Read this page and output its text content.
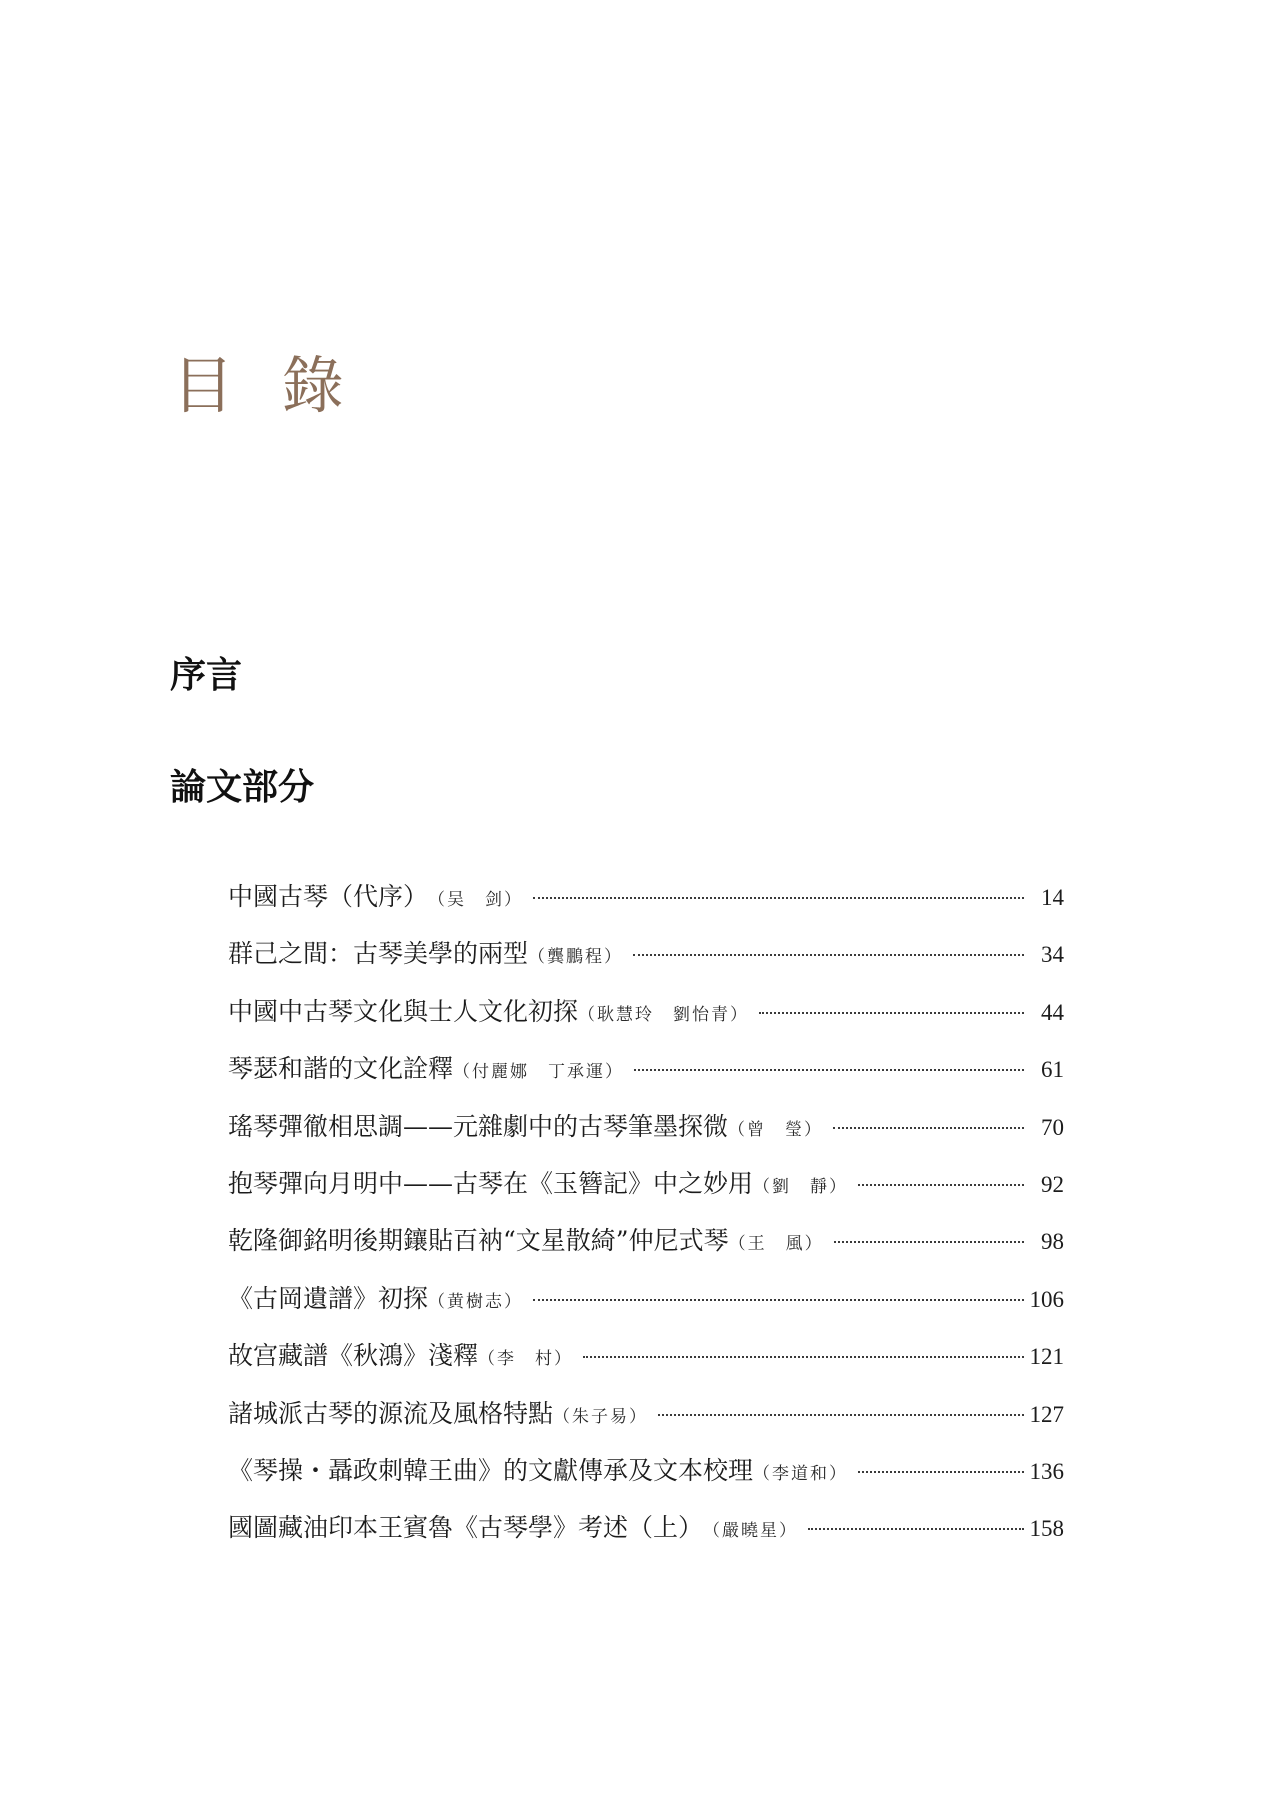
目 錄
序言
論文部分
中國古琴（代序） （吴　剑）	14
群己之間：古琴美學的兩型 （龔鵬程）	34
中國中古琴文化與士人文化初探 （耿慧玲　劉怡青）	44
琴瑟和諧的文化詮釋 （付麗娜　丁承運）	61
瑤琴彈徹相思調——元雜劇中的古琴筆墨探微 （曾　瑩）	70
抱琴彈向月明中——古琴在《玉簪記》中之妙用 （劉　靜）	92
乾隆御銘明後期鑲貼百衲“文星散綺”仲尼式琴 （王　風）	98
《古岡遺譜》初探 （黄樹志）	106
故宫藏譜《秋鴻》淺釋 （李　村）	121
諸城派古琴的源流及風格特點 （朱子易）	127
《琴操・聶政刺韓王曲》的文獻傳承及文本校理 （李道和）	136
國圖藏油印本王賓魯《古琴學》考述（上） （嚴曉星）	158
